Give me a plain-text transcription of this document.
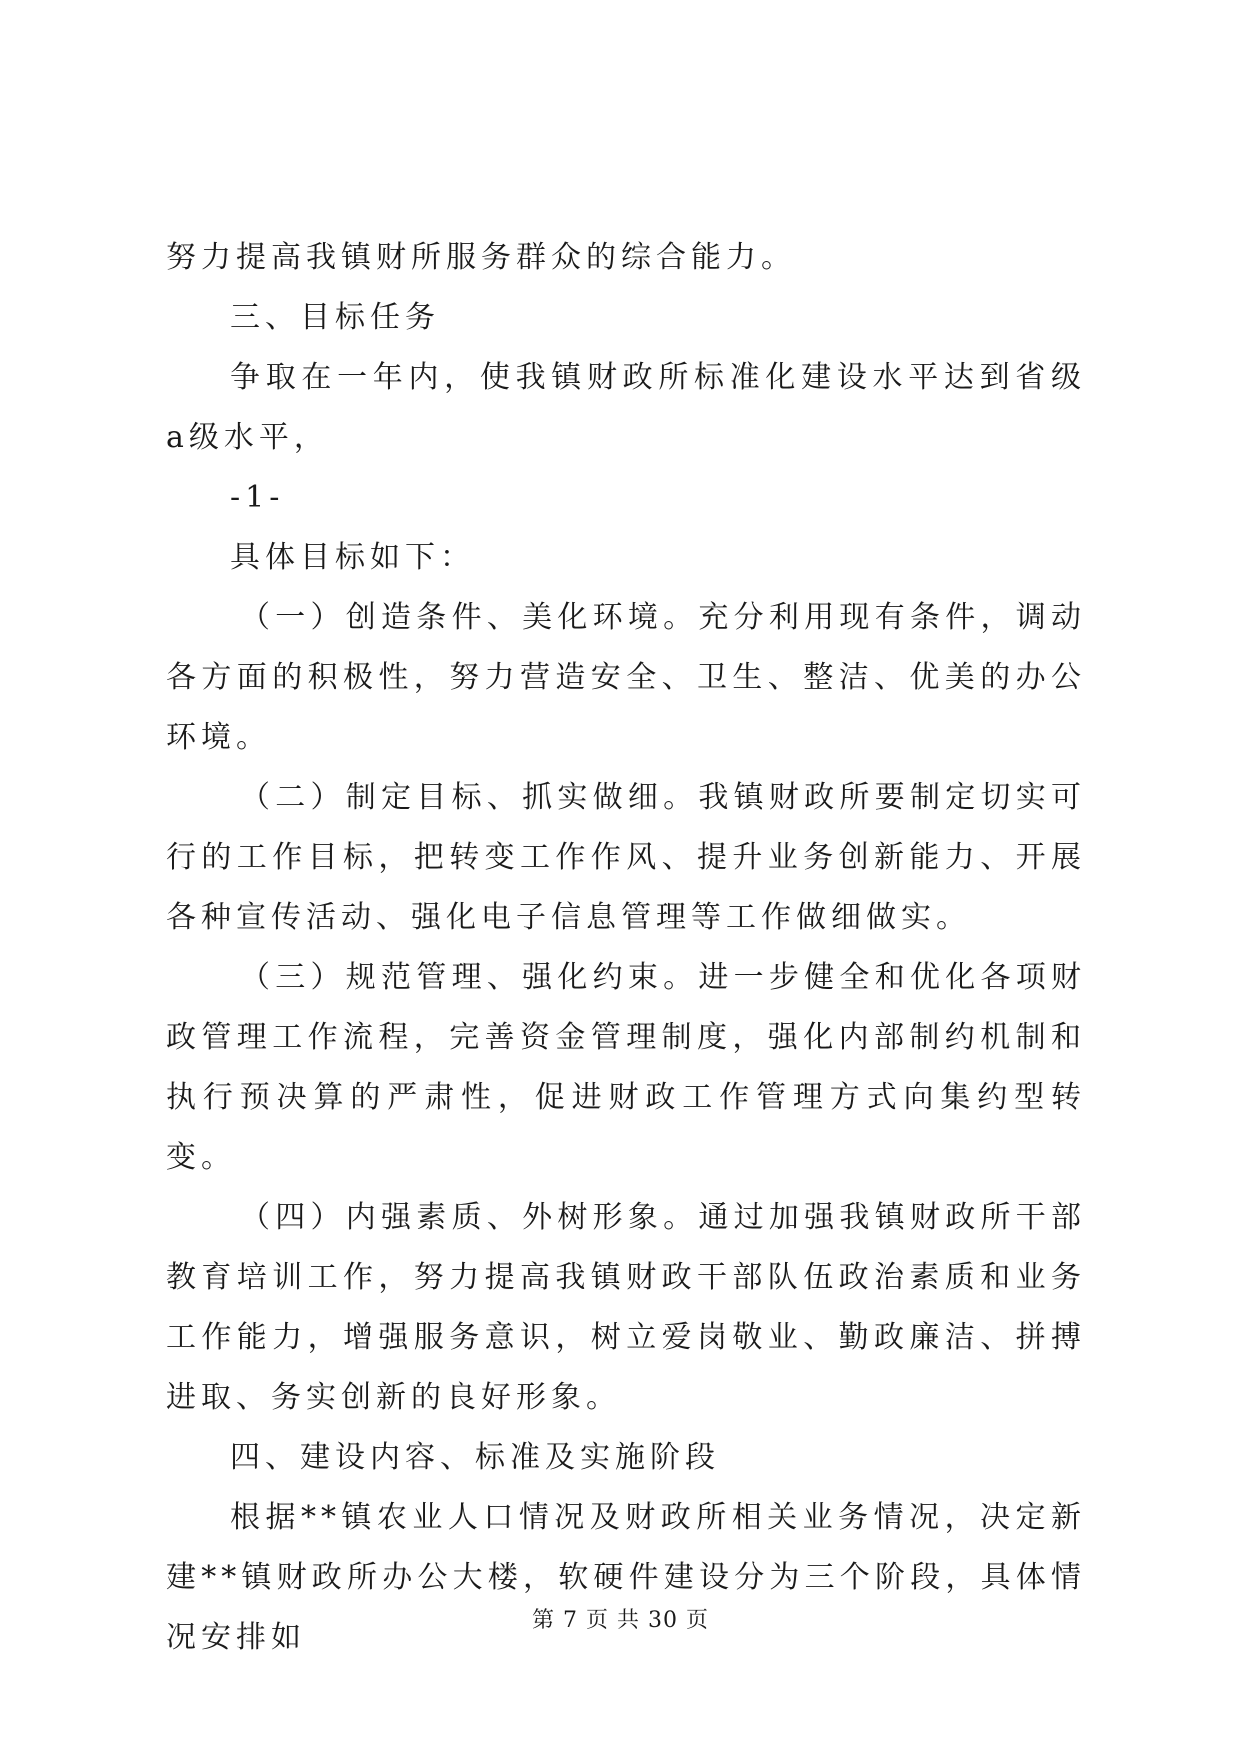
努力提高我镇财所服务群众的综合能力。

三、目标任务

争取在一年内，使我镇财政所标准化建设水平达到省级a级水平，

-1-

具体目标如下：

（一）创造条件、美化环境。充分利用现有条件，调动各方面的积极性，努力营造安全、卫生、整洁、优美的办公环境。

（二）制定目标、抓实做细。我镇财政所要制定切实可行的工作目标，把转变工作作风、提升业务创新能力、开展各种宣传活动、强化电子信息管理等工作做细做实。

（三）规范管理、强化约束。进一步健全和优化各项财政管理工作流程，完善资金管理制度，强化内部制约机制和执行预决算的严肃性，促进财政工作管理方式向集约型转变。

（四）内强素质、外树形象。通过加强我镇财政所干部教育培训工作，努力提高我镇财政干部队伍政治素质和业务工作能力，增强服务意识，树立爱岗敬业、勤政廉洁、拼搏进取、务实创新的良好形象。

四、建设内容、标准及实施阶段

根据**镇农业人口情况及财政所相关业务情况，决定新建**镇财政所办公大楼，软硬件建设分为三个阶段，具体情况安排如	第 7 页 共 30 页
